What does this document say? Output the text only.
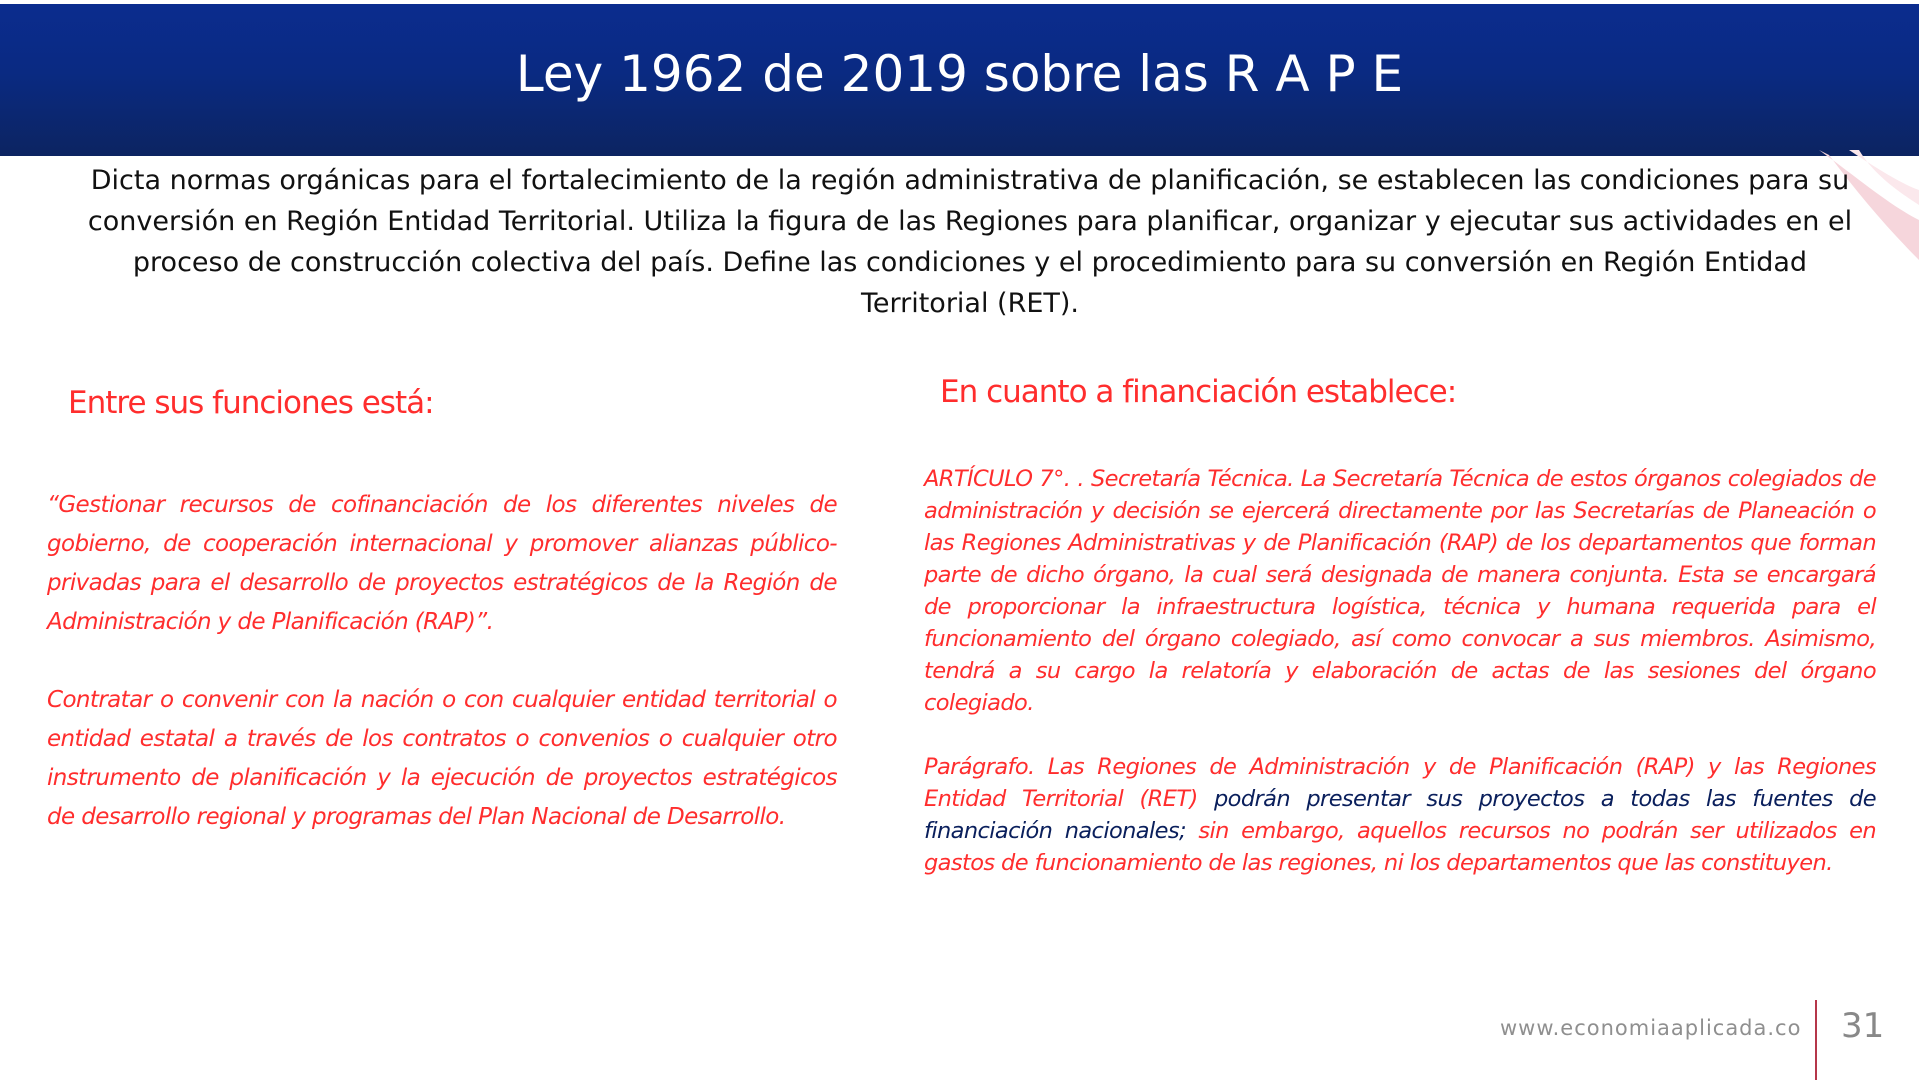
Ley 1962 de 2019 sobre las R A P E
Dicta normas orgánicas para el fortalecimiento de la región administrativa de planificación, se establecen las condiciones para su conversión en Región Entidad Territorial. Utiliza la figura de las Regiones para planificar, organizar y ejecutar sus actividades en el proceso de construcción colectiva del país. Define las condiciones y el procedimiento para su conversión en Región Entidad Territorial (RET).
Entre sus funciones está:	En cuanto a financiación establece:

“Gestionar recursos de cofinanciación de los diferentes niveles de gobierno, de cooperación internacional y promover alianzas público-privadas para el desarrollo de proyectos estratégicos de la Región de Administración y de Planificación (RAP)”.

Contratar o convenir con la nación o con cualquier entidad territorial o entidad estatal a través de los contratos o convenios o cualquier otro instrumento de planificación y la ejecución de proyectos estratégicos de desarrollo regional y programas del Plan Nacional de Desarrollo.

ARTÍCULO 7°. . Secretaría Técnica. La Secretaría Técnica de estos órganos colegiados de administración y decisión se ejercerá directamente por las Secretarías de Planeación o las Regiones Administrativas y de Planificación (RAP) de los departamentos que forman parte de dicho órgano, la cual será designada de manera conjunta. Esta se encargará de proporcionar la infraestructura logística, técnica y humana requerida para el funcionamiento del órgano colegiado, así como convocar a sus miembros. Asimismo, tendrá a su cargo la relatoría y elaboración de actas de las sesiones del órgano colegiado.

Parágrafo. Las Regiones de Administración y de Planificación (RAP) y las Regiones Entidad Territorial (RET) podrán presentar sus proyectos a todas las fuentes de financiación nacionales; sin embargo, aquellos recursos no podrán ser utilizados en gastos de funcionamiento de las regiones, ni los departamentos que las constituyen.

www.economiaaplicada.co 31
